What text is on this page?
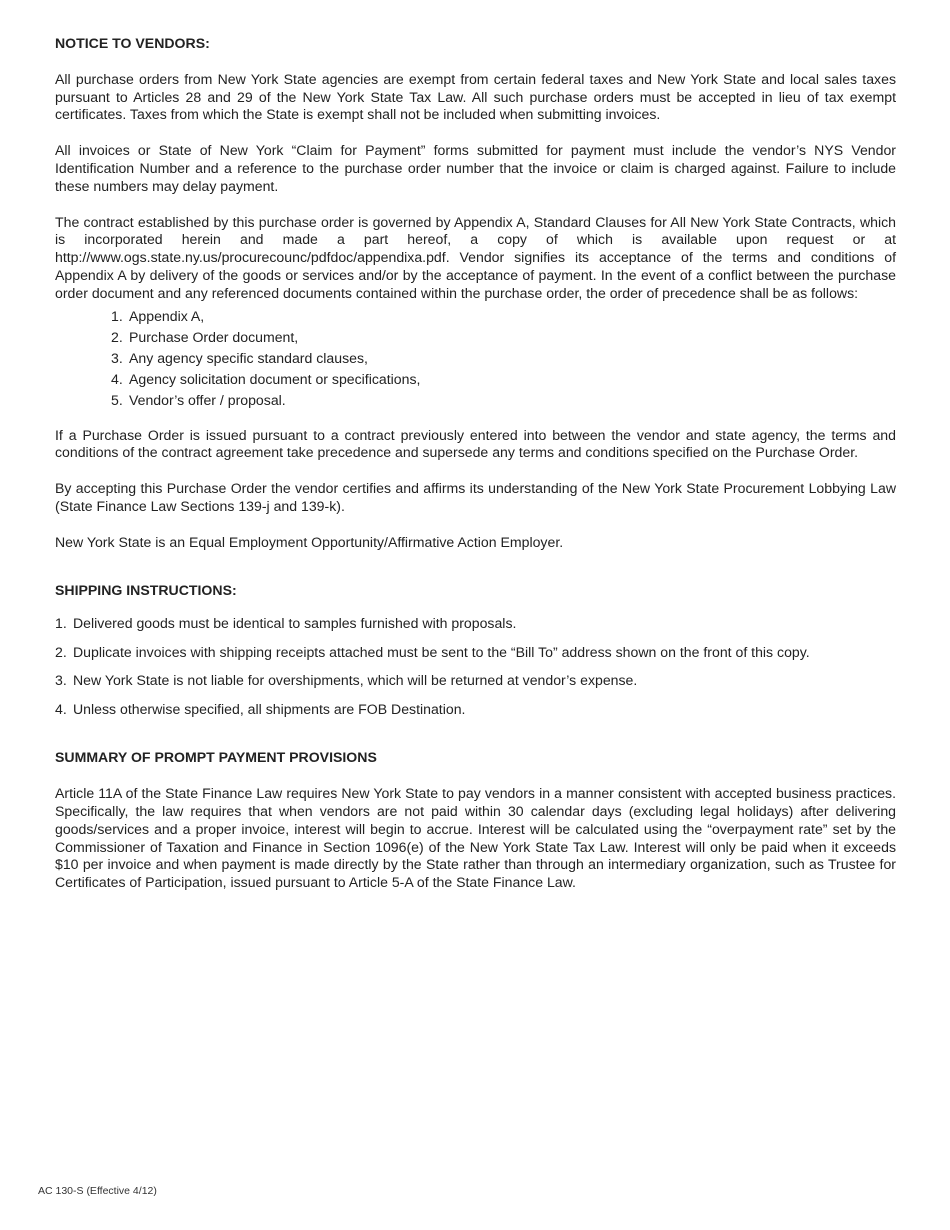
NOTICE TO VENDORS:

All purchase orders from New York State agencies are exempt from certain federal taxes and New York State and local sales taxes pursuant to Articles 28 and 29 of the New York State Tax Law. All such purchase orders must be accepted in lieu of tax exempt certificates. Taxes from which the State is exempt shall not be included when submitting invoices.

All invoices or State of New York “Claim for Payment” forms submitted for payment must include the vendor’s NYS Vendor Identification Number and a reference to the purchase order number that the invoice or claim is charged against. Failure to include these numbers may delay payment.

The contract established by this purchase order is governed by Appendix A, Standard Clauses for All New York State Contracts, which is incorporated herein and made a part hereof, a copy of which is available upon request or at http://www.ogs.state.ny.us/procurecounc/pdfdoc/appendixa.pdf. Vendor signifies its acceptance of the terms and conditions of Appendix A by delivery of the goods or services and/or by the acceptance of payment. In the event of a conflict between the purchase order document and any referenced documents contained within the purchase order, the order of precedence shall be as follows:

1. Appendix A,
2. Purchase Order document,
3. Any agency specific standard clauses,
4. Agency solicitation document or specifications,
5. Vendor’s offer / proposal.

If a Purchase Order is issued pursuant to a contract previously entered into between the vendor and state agency, the terms and conditions of the contract agreement take precedence and supersede any terms and conditions specified on the Purchase Order.

By accepting this Purchase Order the vendor certifies and affirms its understanding of the New York State Procurement Lobbying Law (State Finance Law Sections 139-j and 139-k).

New York State is an Equal Employment Opportunity/Affirmative Action Employer.

SHIPPING INSTRUCTIONS:

1. Delivered goods must be identical to samples furnished with proposals.
2. Duplicate invoices with shipping receipts attached must be sent to the “Bill To” address shown on the front of this copy.
3. New York State is not liable for overshipments, which will be returned at vendor’s expense.
4. Unless otherwise specified, all shipments are FOB Destination.

SUMMARY OF PROMPT PAYMENT PROVISIONS

Article 11A of the State Finance Law requires New York State to pay vendors in a manner consistent with accepted business practices. Specifically, the law requires that when vendors are not paid within 30 calendar days (excluding legal holidays) after delivering goods/services and a proper invoice, interest will begin to accrue. Interest will be calculated using the “overpayment rate” set by the Commissioner of Taxation and Finance in Section 1096(e) of the New York State Tax Law. Interest will only be paid when it exceeds $10 per invoice and when payment is made directly by the State rather than through an intermediary organization, such as Trustee for Certificates of Participation, issued pursuant to Article 5-A of the State Finance Law.

AC 130-S (Effective 4/12)
